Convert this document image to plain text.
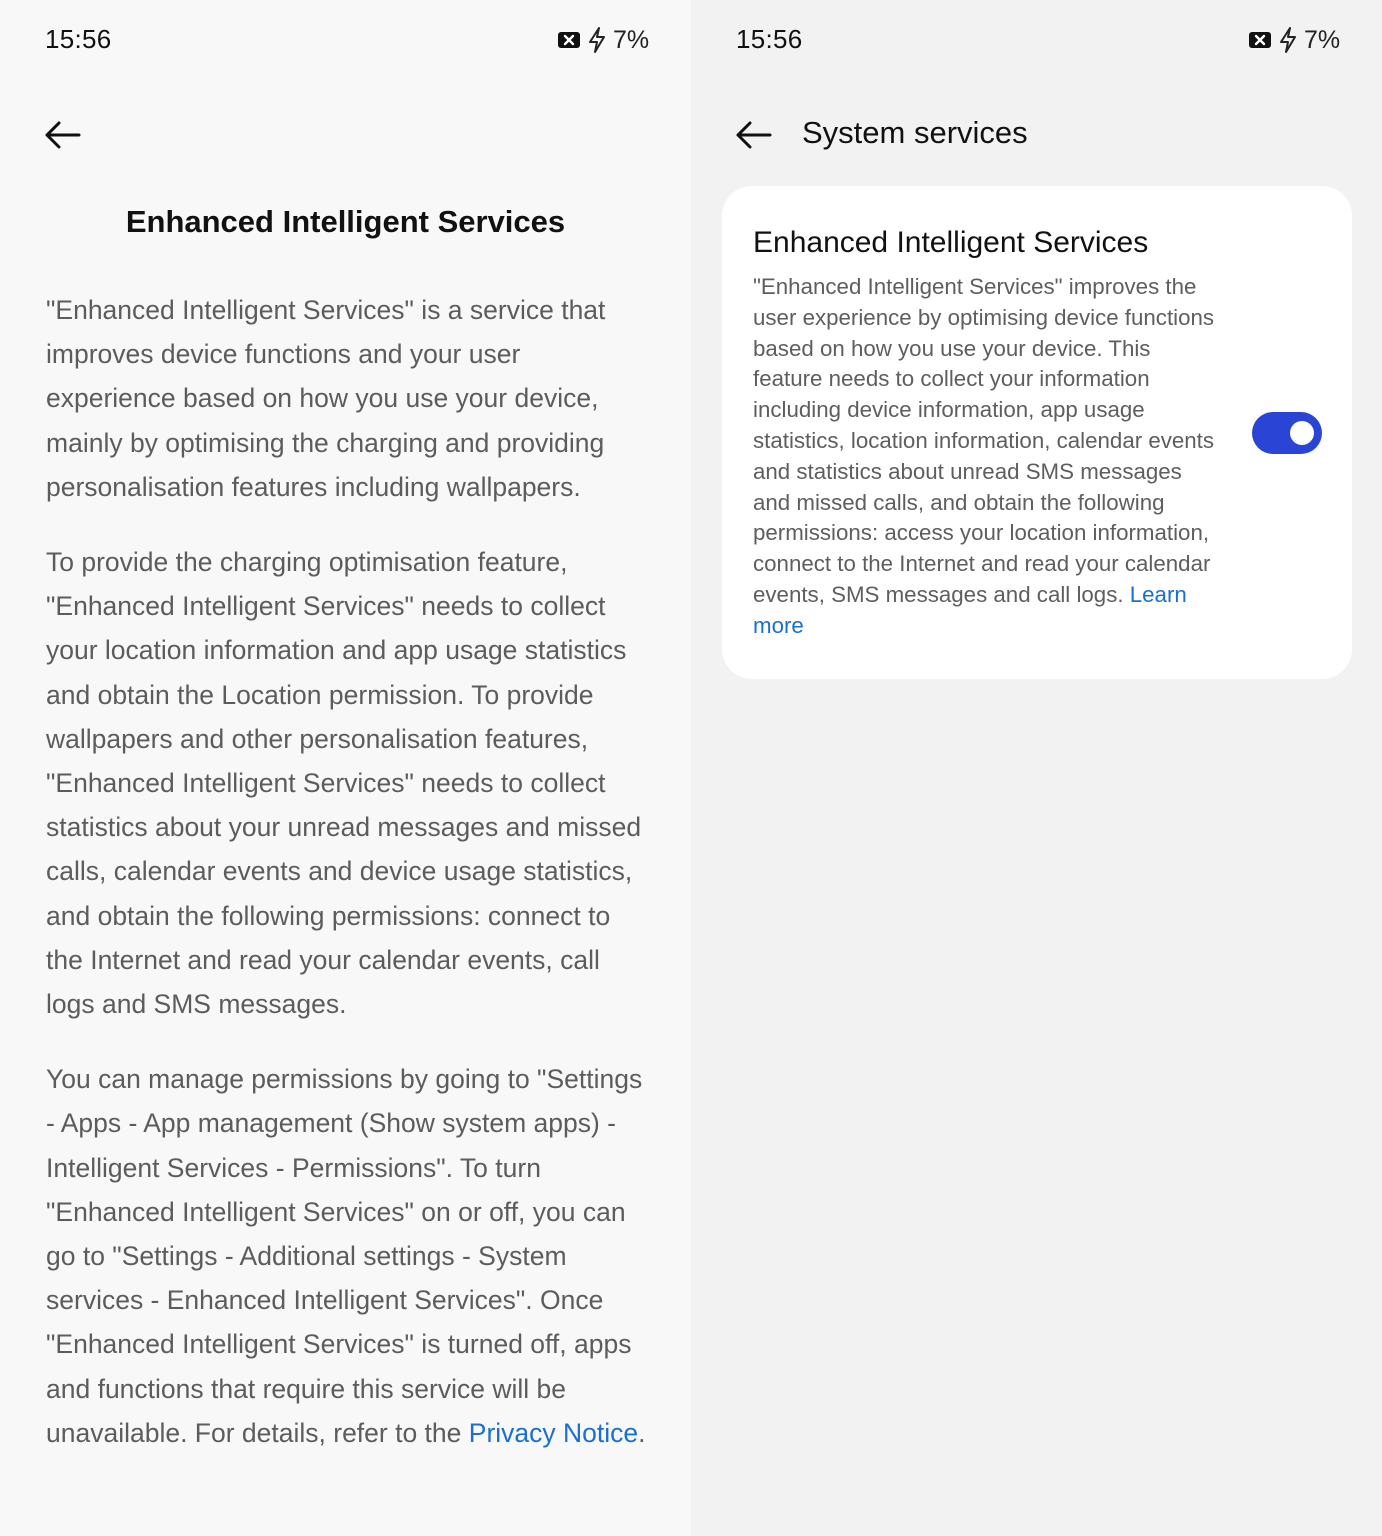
15:56	7%
Enhanced Intelligent Services

"Enhanced Intelligent Services" is a service that improves device functions and your user experience based on how you use your device, mainly by optimising the charging and providing personalisation features including wallpapers.

To provide the charging optimisation feature, "Enhanced Intelligent Services" needs to collect your location information and app usage statistics and obtain the Location permission. To provide wallpapers and other personalisation features, "Enhanced Intelligent Services" needs to collect statistics about your unread messages and missed calls, calendar events and device usage statistics, and obtain the following permissions: connect to the Internet and read your calendar events, call logs and SMS messages.

You can manage permissions by going to "Settings - Apps - App management (Show system apps) - Intelligent Services - Permissions". To turn "Enhanced Intelligent Services" on or off, you can go to "Settings - Additional settings - System services - Enhanced Intelligent Services". Once "Enhanced Intelligent Services" is turned off, apps and functions that require this service will be unavailable. For details, refer to the Privacy Notice.

15:56	7%
System services
Enhanced Intelligent Services
"Enhanced Intelligent Services" improves the user experience by optimising device functions based on how you use your device. This feature needs to collect your information including device information, app usage statistics, location information, calendar events and statistics about unread SMS messages and missed calls, and obtain the following permissions: access your location information, connect to the Internet and read your calendar events, SMS messages and call logs. Learn more
